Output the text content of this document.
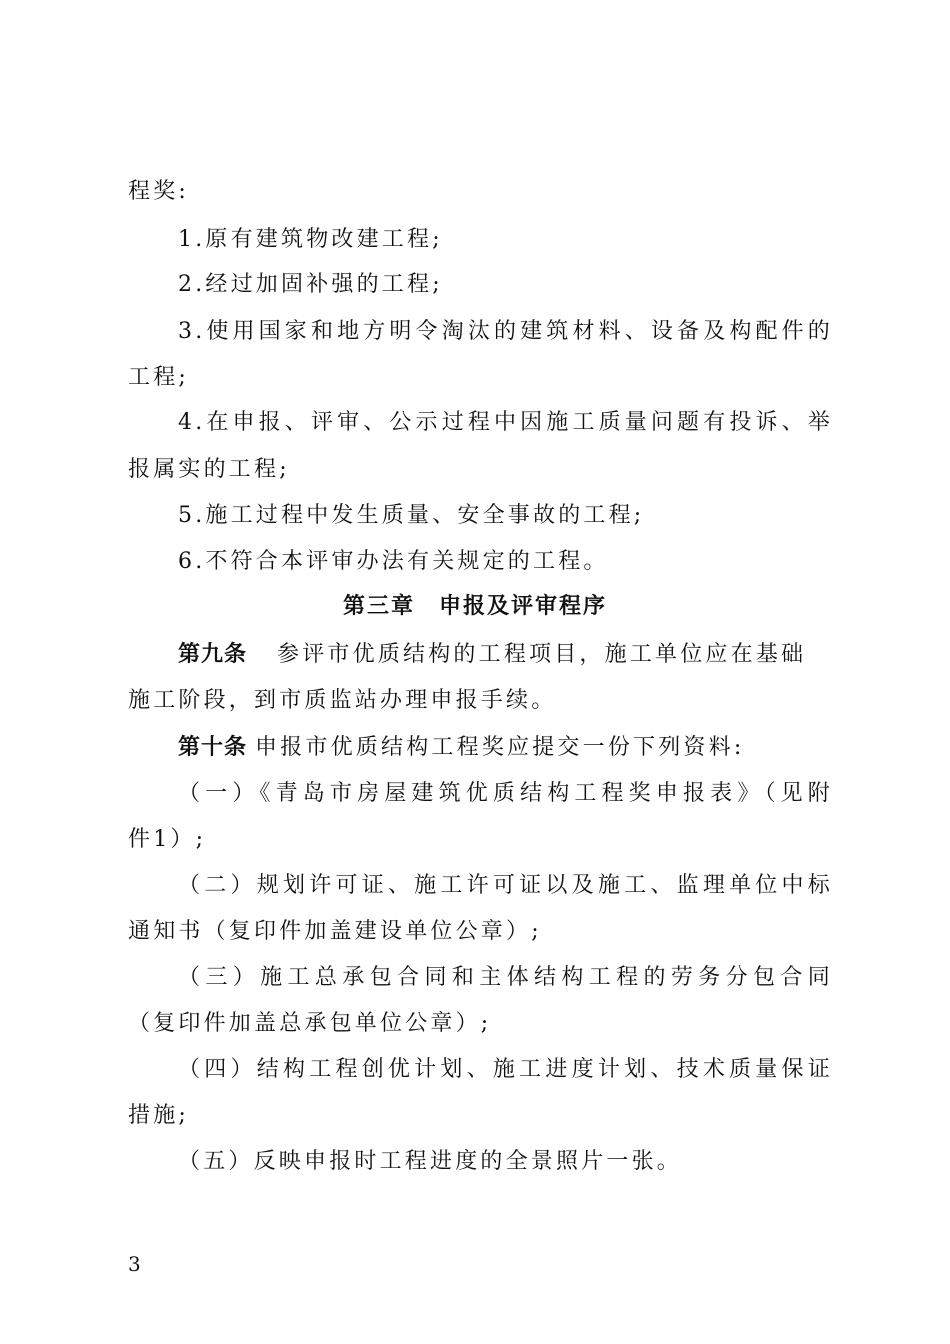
程奖:
1.原有建筑物改建工程;
2.经过加固补强的工程;
3.使用国家和地方明令淘汰的建筑材料、设备及构配件的
工程;
4.在申报、评审、公示过程中因施工质量问题有投诉、举
报属实的工程;
5.施工过程中发生质量、安全事故的工程;
6.不符合本评审办法有关规定的工程。
第三章　申报及评审程序
第九条 参评市优质结构的工程项目，施工单位应在基础
施工阶段，到市质监站办理申报手续。
第十条 申报市优质结构工程奖应提交一份下列资料:
（一）《青岛市房屋建筑优质结构工程奖申报表》（见附
件1）;
（二）规划许可证、施工许可证以及施工、监理单位中标
通知书（复印件加盖建设单位公章）;
（三）施工总承包合同和主体结构工程的劳务分包合同
（复印件加盖总承包单位公章）;
（四）结构工程创优计划、施工进度计划、技术质量保证
措施;
（五）反映申报时工程进度的全景照片一张。
3
